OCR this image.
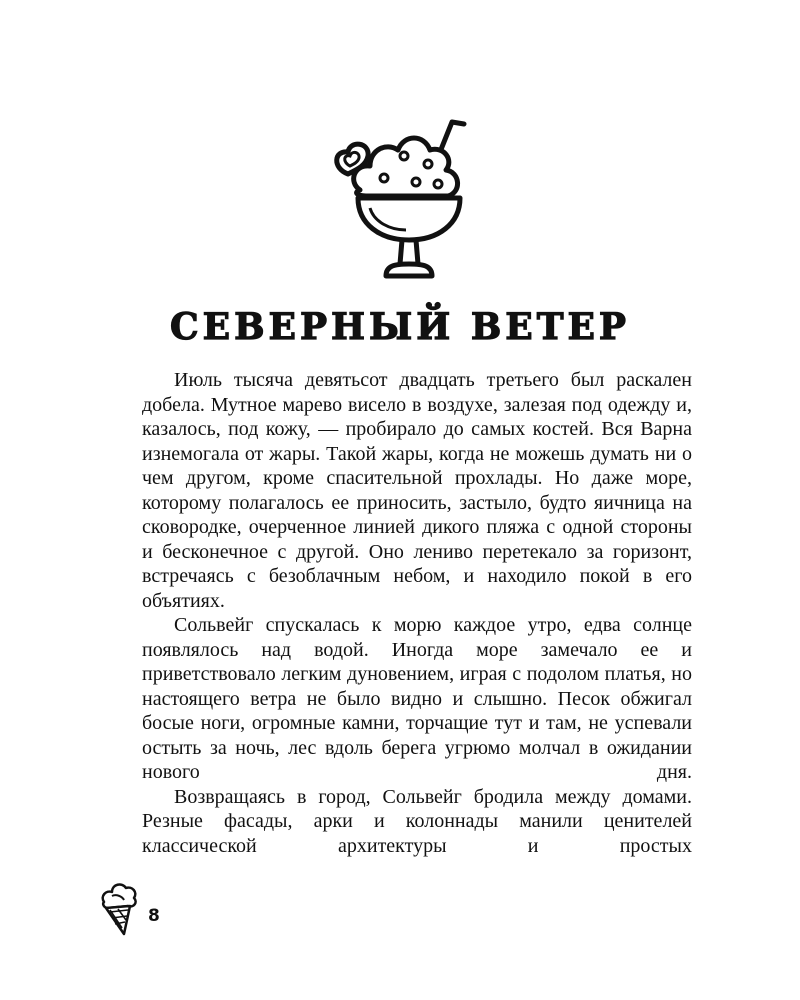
СЕВЕРНЫЙ ВЕТЕР

Июль тысяча девятьсот двадцать третьего был раскален добела. Мутное марево висело в воздухе, залезая под одежду и, казалось, под кожу, — пробирало до самых костей. Вся Варна изнемогала от жары. Такой жары, когда не можешь думать ни о чем другом, кроме спасительной прохлады. Но даже море, которому полагалось ее приносить, застыло, будто яичница на сковородке, очерченное линией дикого пляжа с одной стороны и бесконечное с другой. Оно лениво перетекало за горизонт, встречаясь с безоблачным небом, и находило покой в его объятиях.

Сольвейг спускалась к морю каждое утро, едва солнце появлялось над водой. Иногда море замечало ее и приветствовало легким дуновением, играя с подолом платья, но настоящего ветра не было видно и слышно. Песок обжигал босые ноги, огромные камни, торчащие тут и там, не успевали остыть за ночь, лес вдоль берега угрюмо молчал в ожидании нового дня.

Возвращаясь в город, Сольвейг бродила между домами. Резные фасады, арки и колоннады манили ценителей классической архитектуры и простых

8
